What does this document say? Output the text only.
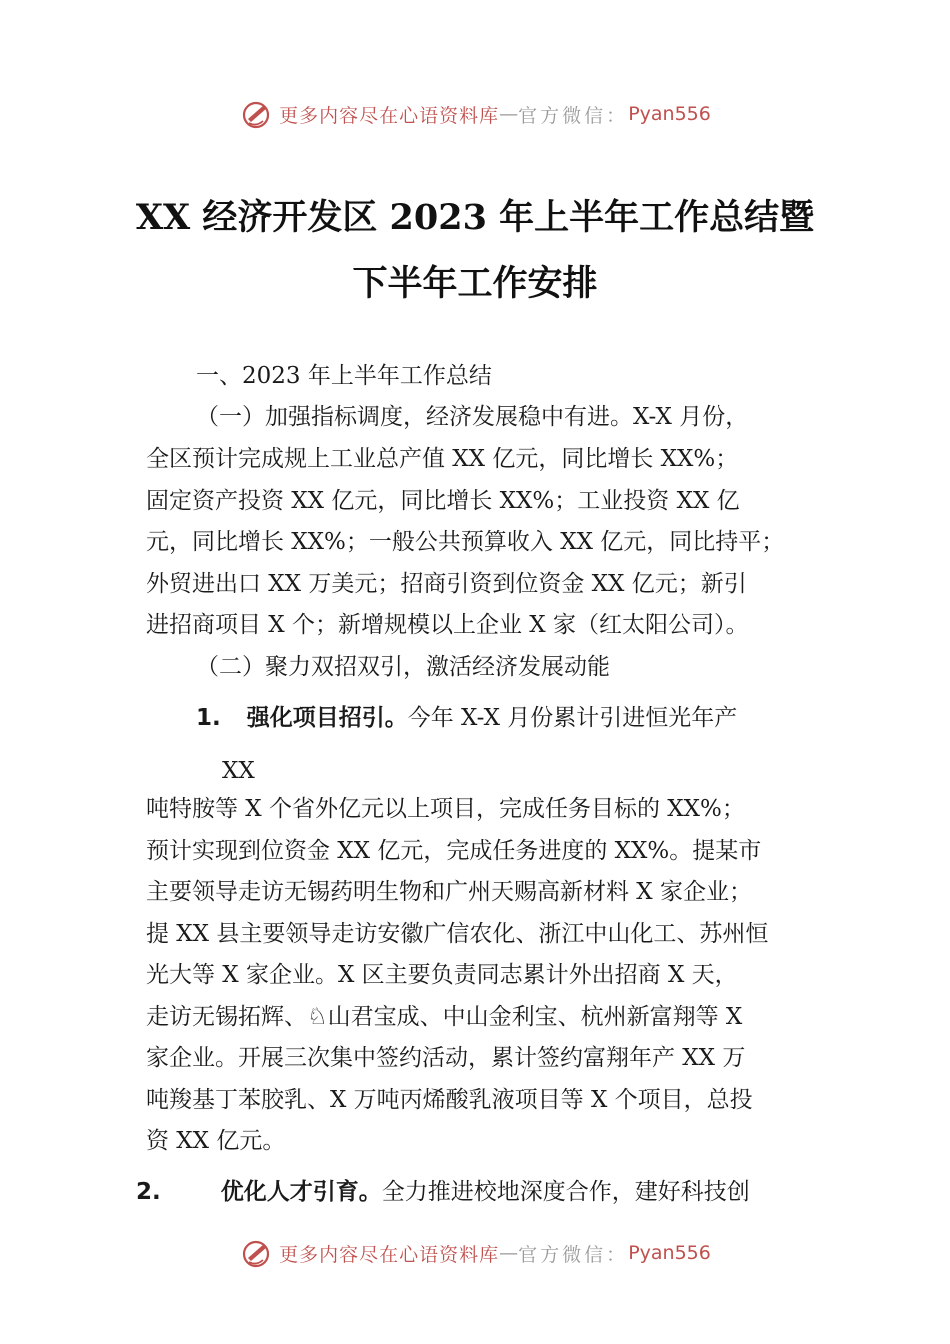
更多内容尽在心语资料库 — 官方微信： Pyan556
XX 经济开发区 2023 年上半年工作总结暨
下半年工作安排
一、2023 年上半年工作总结
（一）加强指标调度，经济发展稳中有进。X-X 月份，
全区预计完成规上工业总产值 XX 亿元，同比增长 XX%；
固定资产投资 XX 亿元，同比增长 XX%；工业投资 XX 亿
元，同比增长 XX%；一般公共预算收入 XX 亿元，同比持平；
外贸进出口 XX 万美元；招商引资到位资金 XX 亿元；新引
进招商项目 X 个；新增规模以上企业 X 家（红太阳公司）。
（二）聚力双招双引，激活经济发展动能
1. 强化项目招引。今年 X-X 月份累计引进恒光年产
XX
吨特胺等 X 个省外亿元以上项目，完成任务目标的 XX%；
预计实现到位资金 XX 亿元，完成任务进度的 XX%。提某市
主要领导走访无锡药明生物和广州天赐高新材料 X 家企业；
提 XX 县主要领导走访安徽广信农化、浙江中山化工、苏州恒
光大等 X 家企业。X 区主要负责同志累计外出招商 X 天，
走访无锡拓辉、♘山君宝成、中山金利宝、杭州新富翔等 X
家企业。开展三次集中签约活动，累计签约富翔年产 XX 万
吨羧基丁苯胶乳、X 万吨丙烯酸乳液项目等 X 个项目，总投
资 XX 亿元。
2.	优化人才引育。全力推进校地深度合作，建好科技创
更多内容尽在心语资料库 — 官方微信： Pyan556
